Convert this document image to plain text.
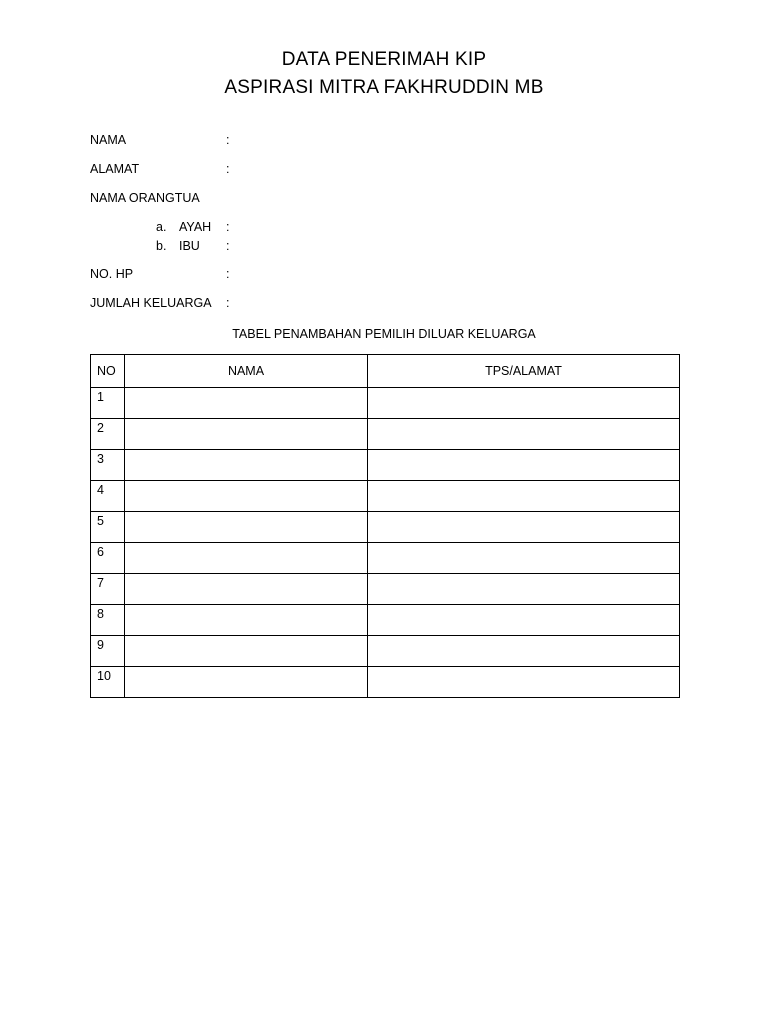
DATA PENERIMAH KIP
ASPIRASI MITRA FAKHRUDDIN MB
NAMA	:
ALAMAT	:
NAMA ORANGTUA
a. AYAH :
b. IBU :
NO. HP	:
JUMLAH KELUARGA :
TABEL PENAMBAHAN PEMILIH DILUAR KELUARGA
NO	NAMA	TPS/ALAMAT
1		
2		
3		
4		
5		
6		
7		
8		
9		
10		
